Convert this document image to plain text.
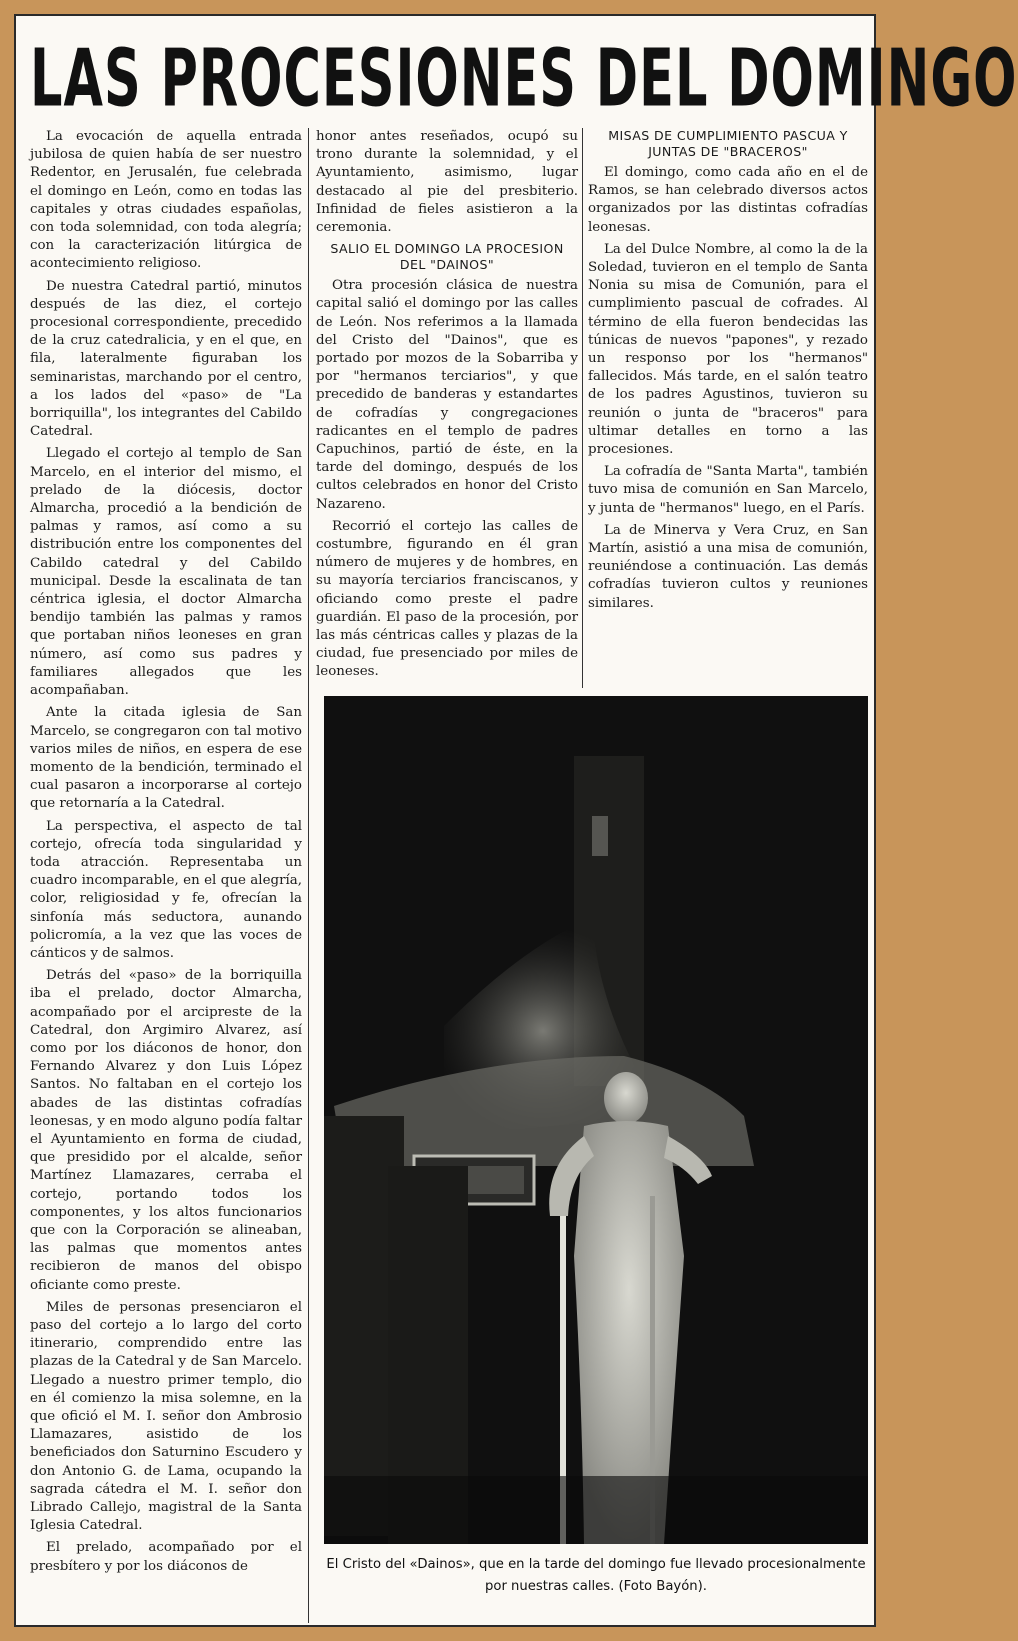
LAS PROCESIONES DEL DOMINGO

La evocación de aquella entrada jubilosa de quien había de ser nuestro Redentor, en Jerusalén, fue celebrada el domingo en León, como en todas las capitales y otras ciudades españolas, con toda solemnidad, con toda alegría; con la caracterización litúrgica de acontecimiento religioso.

De nuestra Catedral partió, minutos después de las diez, el cortejo procesional correspondiente, precedido de la cruz catedralicia, y en el que, en fila, lateralmente figuraban los seminaristas, marchando por el centro, a los lados del «paso» de "La borriquilla", los integrantes del Cabildo Catedral.

Llegado el cortejo al templo de San Marcelo, en el interior del mismo, el prelado de la diócesis, doctor Almarcha, procedió a la bendición de palmas y ramos, así como a su distribución entre los componentes del Cabildo catedral y del Cabildo municipal. Desde la escalinata de tan céntrica iglesia, el doctor Almarcha bendijo también las palmas y ramos que portaban niños leoneses en gran número, así como sus padres y familiares allegados que les acompañaban.

Ante la citada iglesia de San Marcelo, se congregaron con tal motivo varios miles de niños, en espera de ese momento de la bendición, terminado el cual pasaron a incorporarse al cortejo que retornaría a la Catedral.

La perspectiva, el aspecto de tal cortejo, ofrecía toda singularidad y toda atracción. Representaba un cuadro incomparable, en el que alegría, color, religiosidad y fe, ofrecían la sinfonía más seductora, aunando policromía, a la vez que las voces de cánticos y de salmos.

Detrás del «paso» de la borriquilla iba el prelado, doctor Almarcha, acompañado por el arcipreste de la Catedral, don Argimiro Alvarez, así como por los diáconos de honor, don Fernando Alvarez y don Luis López Santos. No faltaban en el cortejo los abades de las distintas cofradías leonesas, y en modo alguno podía faltar el Ayuntamiento en forma de ciudad, que presidido por el alcalde, señor Martínez Llamazares, cerraba el cortejo, portando todos los componentes, y los altos funcionarios que con la Corporación se alineaban, las palmas que momentos antes recibieron de manos del obispo oficiante como preste.

Miles de personas presenciaron el paso del cortejo a lo largo del corto itinerario, comprendido entre las plazas de la Catedral y de San Marcelo. Llegado a nuestro primer templo, dio en él comienzo la misa solemne, en la que ofició el M. I. señor don Ambrosio Llamazares, asistido de los beneficiados don Saturnino Escudero y don Antonio G. de Lama, ocupando la sagrada cátedra el M. I. señor don Librado Callejo, magistral de la Santa Iglesia Catedral.

El prelado, acompañado por el presbítero y por los diáconos de

honor antes reseñados, ocupó su trono durante la solemnidad, y el Ayuntamiento, asimismo, lugar destacado al pie del presbiterio. Infinidad de fieles asistieron a la ceremonia.

SALIO EL DOMINGO LA PROCESION DEL "DAINOS"

Otra procesión clásica de nuestra capital salió el domingo por las calles de León. Nos referimos a la llamada del Cristo del "Dainos", que es portado por mozos de la Sobarriba y por "hermanos terciarios", y que precedido de banderas y estandartes de cofradías y congregaciones radicantes en el templo de padres Capuchinos, partió de éste, en la tarde del domingo, después de los cultos celebrados en honor del Cristo Nazareno.

Recorrió el cortejo las calles de costumbre, figurando en él gran número de mujeres y de hombres, en su mayoría terciarios franciscanos, y oficiando como preste el padre guardián. El paso de la procesión, por las más céntricas calles y plazas de la ciudad, fue presenciado por miles de leoneses.

MISAS DE CUMPLIMIENTO PASCUA Y JUNTAS DE "BRACEROS"

El domingo, como cada año en el de Ramos, se han celebrado diversos actos organizados por las distintas cofradías leonesas.

La del Dulce Nombre, al como la de la Soledad, tuvieron en el templo de Santa Nonia su misa de Comunión, para el cumplimiento pascual de cofrades. Al término de ella fueron bendecidas las túnicas de nuevos "papones", y rezado un responso por los "hermanos" fallecidos. Más tarde, en el salón teatro de los padres Agustinos, tuvieron su reunión o junta de "braceros" para ultimar detalles en torno a las procesiones.

La cofradía de "Santa Marta", también tuvo misa de comunión en San Marcelo, y junta de "hermanos" luego, en el París.

La de Minerva y Vera Cruz, en San Martín, asistió a una misa de comunión, reuniéndose a continuación. Las demás cofradías tuvieron cultos y reuniones similares.

El Cristo del «Dainos», que en la tarde del domingo fue llevado procesionalmente por nuestras calles. (Foto Bayón).
